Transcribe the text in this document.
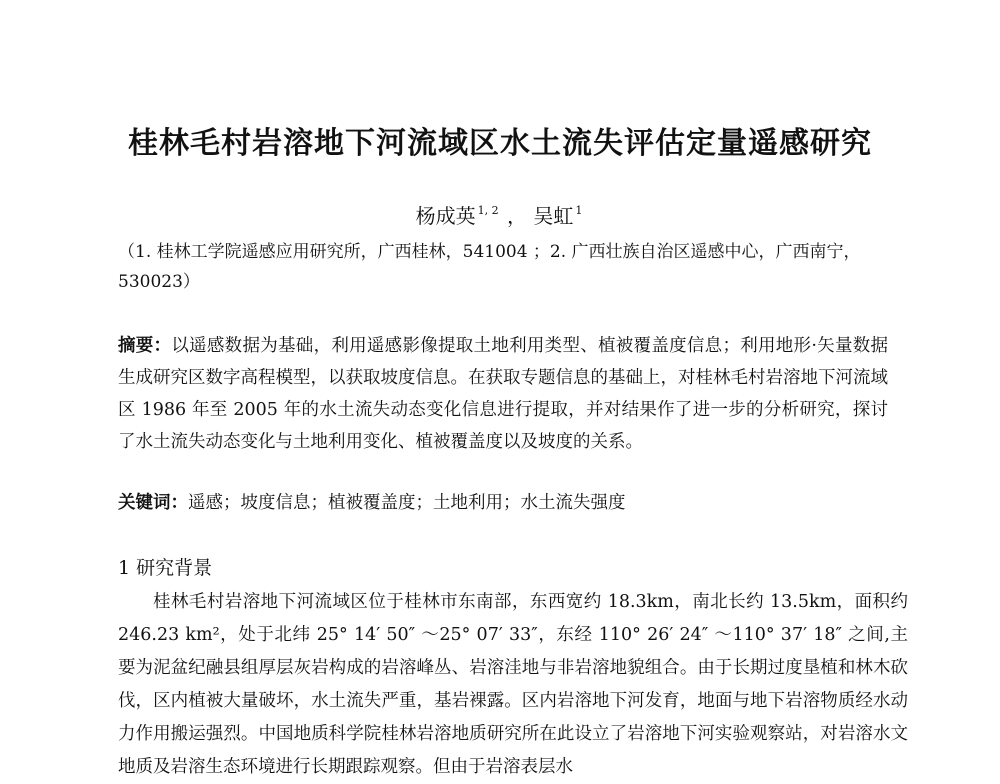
桂林毛村岩溶地下河流域区水土流失评估定量遥感研究
杨成英 $^{1, 2}$ ， 吴虹 $^1$
（1. 桂林工学院遥感应用研究所，广西桂林，541004 ；2. 广西壮族自治区遥感中心，广西南宁，530023）
摘要：以遥感数据为基础，利用遥感影像提取土地利用类型、植被覆盖度信息；利用地形·矢量数据生成研究区数字高程模型，以获取坡度信息。在获取专题信息的基础上，对桂林毛村岩溶地下河流域区 1986 年至 2005 年的水土流失动态变化信息进行提取，并对结果作了进一步的分析研究，探讨了水土流失动态变化与土地利用变化、植被覆盖度以及坡度的关系。
关键词：遥感；坡度信息；植被覆盖度；土地利用；水土流失强度
1 研究背景
桂林毛村岩溶地下河流域区位于桂林市东南部，东西宽约 18.3km，南北长约 13.5km，面积约 246.23 km²，处于北纬 25° 14′ 50″ ～25° 07′ 33″，东经 110° 26′ 24″ ～110° 37′ 18″ 之间,主要为泥盆纪融县组厚层灰岩构成的岩溶峰丛、岩溶洼地与非岩溶地貌组合。由于长期过度垦植和林木砍伐，区内植被大量破坏，水土流失严重，基岩裸露。区内岩溶地下河发育，地面与地下岩溶物质经水动力作用搬运强烈。中国地质科学院桂林岩溶地质研究所在此设立了岩溶地下河实验观察站，对岩溶水文地质及岩溶生态环境进行长期跟踪观察。但由于岩溶表层水
